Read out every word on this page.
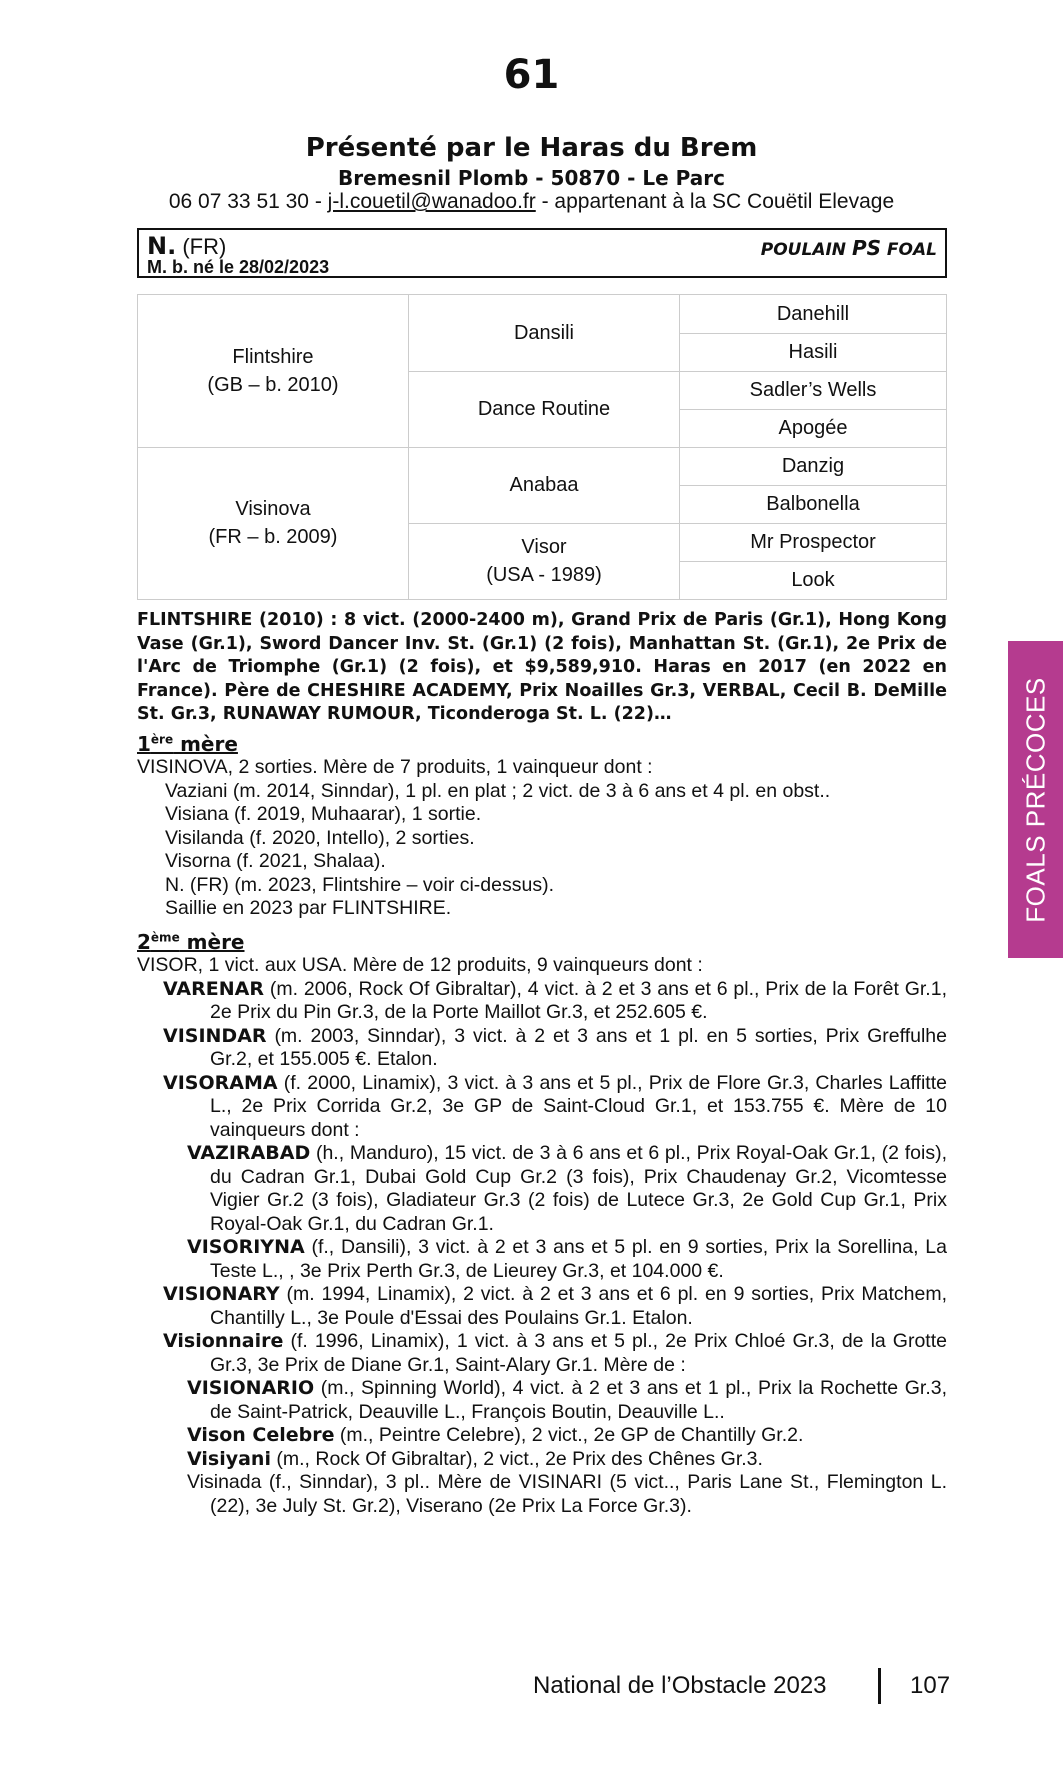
61
Présenté par le Haras du Brem
Bremesnil Plomb - 50870 - Le Parc
06 07 33 51 30 - j-l.couetil@wanadoo.fr - appartenant à la SC Couëtil Elevage
N. (FR)
M. b. né le 28/02/2023
POULAIN PS FOAL
Flintshire
(GB – b. 2010)
Visinova
(FR – b. 2009)
Dansili
Dance Routine
Anabaa
Visor
(USA - 1989)
Danehill
Hasili
Sadler’s Wells
Apogée
Danzig
Balbonella
Mr Prospector
Look
FLINTSHIRE (2010) : 8 vict. (2000-2400 m), Grand Prix de Paris (Gr.1), Hong Kong Vase (Gr.1), Sword Dancer Inv. St. (Gr.1) (2 fois), Manhattan St. (Gr.1), 2e Prix de l'Arc de Triomphe (Gr.1) (2 fois), et $9,589,910. Haras en 2017 (en 2022 en France). Père de CHESHIRE ACADEMY, Prix Noailles Gr.3, VERBAL, Cecil B. DeMille St. Gr.3, RUNAWAY RUMOUR, Ticonderoga St. L. (22)…
1ère mère
VISINOVA, 2 sorties. Mère de 7 produits, 1 vainqueur dont :
Vaziani (m. 2014, Sinndar), 1 pl. en plat ; 2 vict. de 3 à 6 ans et 4 pl. en obst..
Visiana (f. 2019, Muhaarar), 1 sortie.
Visilanda (f. 2020, Intello), 2 sorties.
Visorna (f. 2021, Shalaa).
N. (FR) (m. 2023, Flintshire – voir ci-dessus).
Saillie en 2023 par FLINTSHIRE.
2ème mère
VISOR, 1 vict. aux USA. Mère de 12 produits, 9 vainqueurs dont :
VARENAR (m. 2006, Rock Of Gibraltar), 4 vict. à 2 et 3 ans et 6 pl., Prix de la Forêt Gr.1, 2e Prix du Pin Gr.3, de la Porte Maillot Gr.3, et 252.605 €.
VISINDAR (m. 2003, Sinndar), 3 vict. à 2 et 3 ans et 1 pl. en 5 sorties, Prix Greffulhe Gr.2, et 155.005 €. Etalon.
VISORAMA (f. 2000, Linamix), 3 vict. à 3 ans et 5 pl., Prix de Flore Gr.3, Charles Laffitte L., 2e Prix Corrida Gr.2, 3e GP de Saint-Cloud Gr.1, et 153.755 €. Mère de 10 vainqueurs dont :
VAZIRABAD (h., Manduro), 15 vict. de 3 à 6 ans et 6 pl., Prix Royal-Oak Gr.1, (2 fois), du Cadran Gr.1, Dubai Gold Cup Gr.2 (3 fois), Prix Chaudenay Gr.2, Vicomtesse Vigier Gr.2 (3 fois), Gladiateur Gr.3 (2 fois) de Lutece Gr.3, 2e Gold Cup Gr.1, Prix Royal-Oak Gr.1, du Cadran Gr.1.
VISORIYNA (f., Dansili), 3 vict. à 2 et 3 ans et 5 pl. en 9 sorties, Prix la Sorellina, La Teste L., , 3e Prix Perth Gr.3, de Lieurey Gr.3, et 104.000 €.
VISIONARY (m. 1994, Linamix), 2 vict. à 2 et 3 ans et 6 pl. en 9 sorties, Prix Matchem, Chantilly L., 3e Poule d'Essai des Poulains Gr.1. Etalon.
Visionnaire (f. 1996, Linamix), 1 vict. à 3 ans et 5 pl., 2e Prix Chloé Gr.3, de la Grotte Gr.3, 3e Prix de Diane Gr.1, Saint-Alary Gr.1. Mère de :
VISIONARIO (m., Spinning World), 4 vict. à 2 et 3 ans et 1 pl., Prix la Rochette Gr.3, de Saint-Patrick, Deauville L., François Boutin, Deauville L..
Vison Celebre (m., Peintre Celebre), 2 vict., 2e GP de Chantilly Gr.2.
Visiyani (m., Rock Of Gibraltar), 2 vict., 2e Prix des Chênes Gr.3.
Visinada (f., Sinndar), 3 pl.. Mère de VISINARI (5 vict.., Paris Lane St., Flemington L. (22), 3e July St. Gr.2), Viserano (2e Prix La Force Gr.3).
FOALS PRÉCOCES
National de l’Obstacle 2023	107
